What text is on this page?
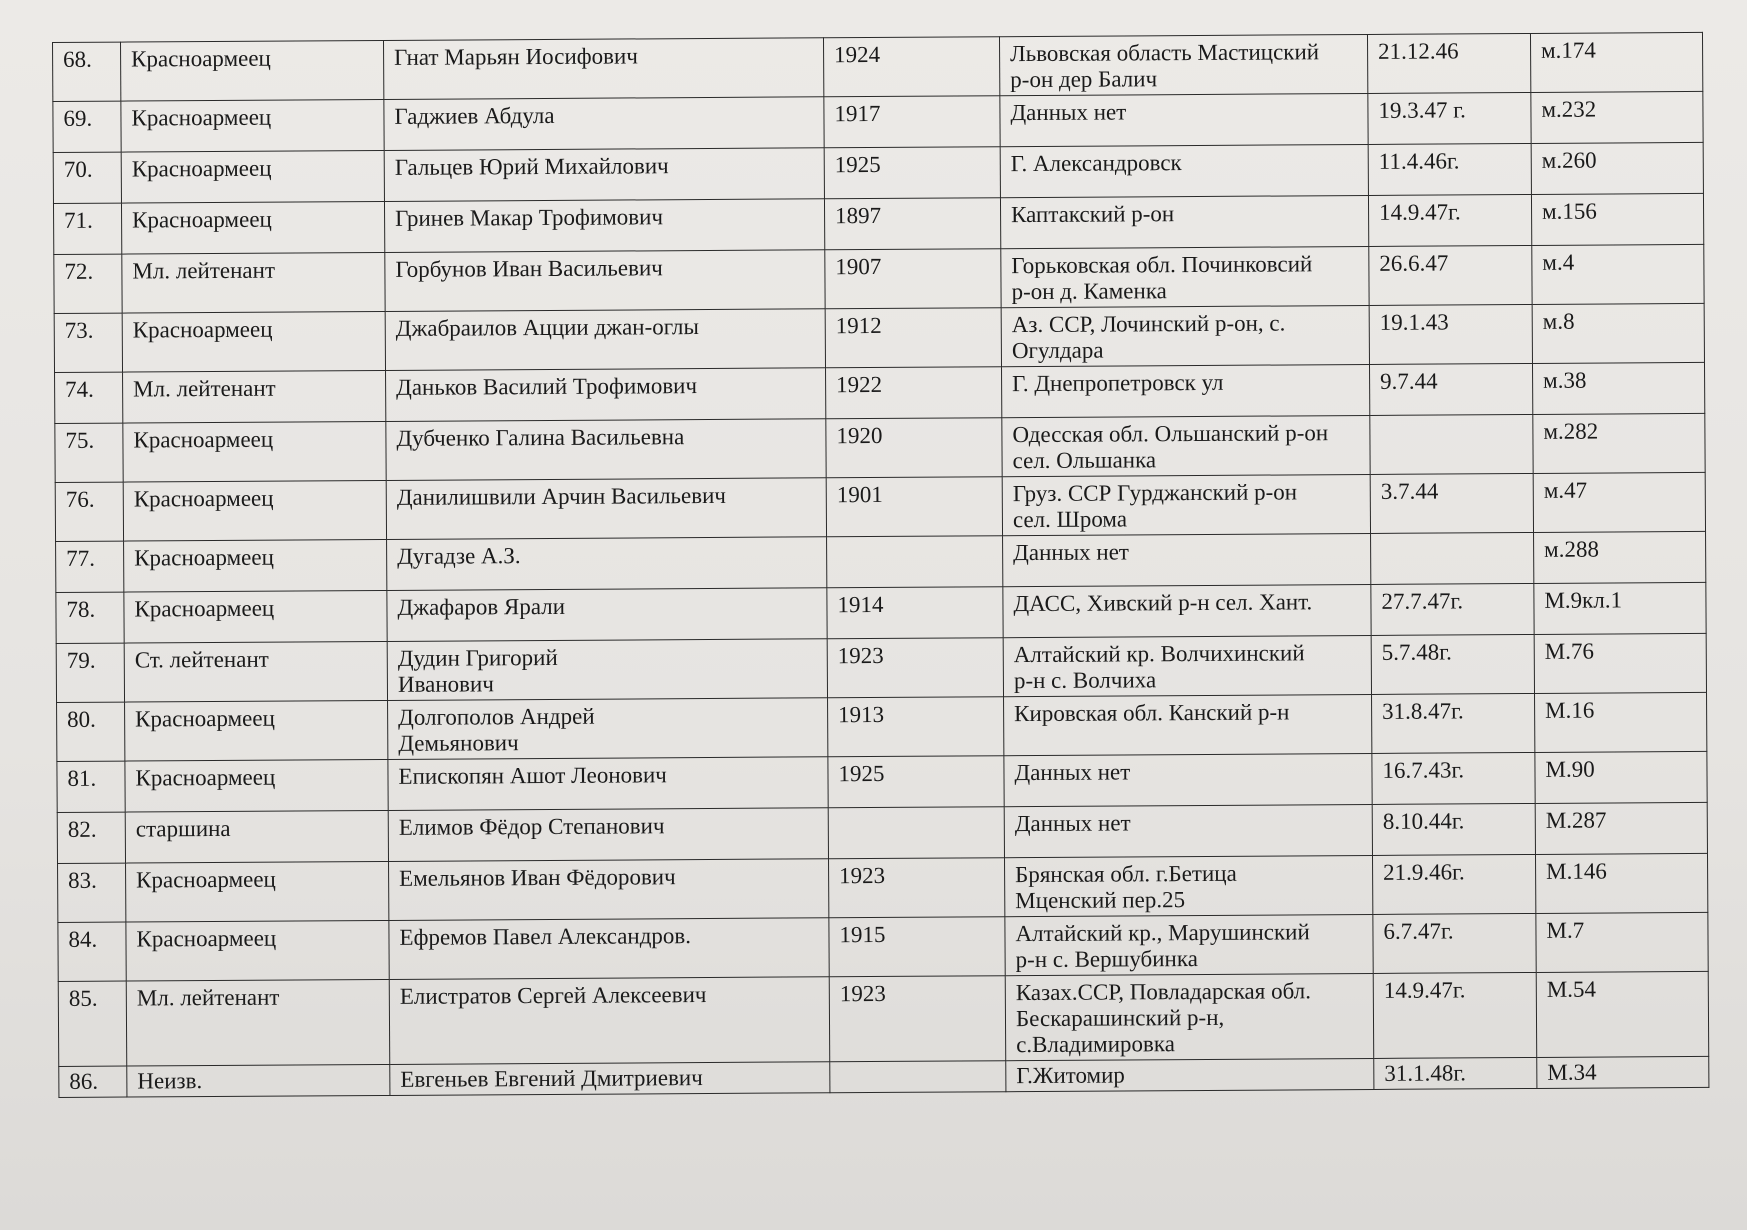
68.	Красноармеец	Гнат Марьян Иосифович	1924	Львовская область Мастицский
р-он дер Балич	21.12.46	м.174
69.	Красноармеец	Гаджиев Абдула	1917	Данных нет	19.3.47 г.	м.232
70.	Красноармеец	Гальцев Юрий Михайлович	1925	Г. Александровск	11.4.46г.	м.260
71.	Красноармеец	Гринев Макар Трофимович	1897	Каптакский р-он	14.9.47г.	м.156
72.	Мл. лейтенант	Горбунов Иван Васильевич	1907	Горьковская обл. Починковсий
р-он д. Каменка	26.6.47	м.4
73.	Красноармеец	Джабраилов Ацции джан-оглы	1912	Аз. ССР, Лочинский р-он, с.
Огулдара	19.1.43	м.8
74.	Мл. лейтенант	Даньков Василий Трофимович	1922	Г. Днепропетровск ул	9.7.44	м.38
75.	Красноармеец	Дубченко Галина Васильевна	1920	Одесская обл. Ольшанский р-он
сел. Ольшанка		м.282
76.	Красноармеец	Данилишвили Арчин Васильевич	1901	Груз. ССР Гурджанский р-он
сел. Шрома	3.7.44	м.47
77.	Красноармеец	Дугадзе А.З.		Данных нет		м.288
78.	Красноармеец	Джафаров Ярали	1914	ДАСС, Хивский р-н сел. Хант.	27.7.47г.	М.9кл.1
79.	Ст. лейтенант	Дудин Григорий
Иванович	1923	Алтайский кр. Волчихинский
р-н с. Волчиха	5.7.48г.	М.76
80.	Красноармеец	Долгополов Андрей
Демьянович	1913	Кировская обл. Канский р-н	31.8.47г.	М.16
81.	Красноармеец	Епископян Ашот Леонович	1925	Данных нет	16.7.43г.	М.90
82.	старшина	Елимов Фёдор Степанович		Данных нет	8.10.44г.	М.287
83.	Красноармеец	Емельянов Иван Фёдорович	1923	Брянская обл. г.Бетица
Мценский пер.25	21.9.46г.	М.146
84.	Красноармеец	Ефремов Павел Александров.	1915	Алтайский кр., Марушинский
р-н с. Вершубинка	6.7.47г.	М.7
85.	Мл. лейтенант	Елистратов Сергей Алексеевич	1923	Казах.ССР, Повладарская обл.
Бескарашинский р-н,
с.Владимировка	14.9.47г.	М.54
86.	Неизв.	Евгеньев Евгений Дмитриевич		Г.Житомир	31.1.48г.	М.34
